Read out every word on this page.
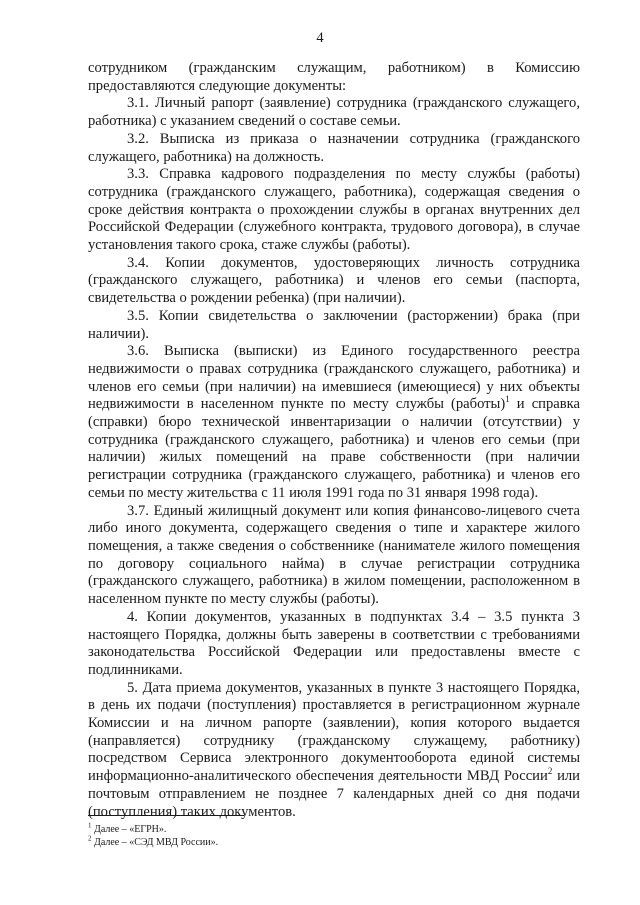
4

сотрудником (гражданским служащим, работником) в Комиссию предоставляются следующие документы:

3.1. Личный рапорт (заявление) сотрудника (гражданского служащего, работника) с указанием сведений о составе семьи.

3.2. Выписка из приказа о назначении сотрудника (гражданского служащего, работника) на должность.

3.3. Справка кадрового подразделения по месту службы (работы) сотрудника (гражданского служащего, работника), содержащая сведения о сроке действия контракта о прохождении службы в органах внутренних дел Российской Федерации (служебного контракта, трудового договора), в случае установления такого срока, стаже службы (работы).

3.4. Копии документов, удостоверяющих личность сотрудника (гражданского служащего, работника) и членов его семьи (паспорта, свидетельства о рождении ребенка) (при наличии).

3.5. Копии свидетельства о заключении (расторжении) брака (при наличии).

3.6. Выписка (выписки) из Единого государственного реестра недвижимости о правах сотрудника (гражданского служащего, работника) и членов его семьи (при наличии) на имевшиеся (имеющиеся) у них объекты недвижимости в населенном пункте по месту службы (работы)$^1$ и справка (справки) бюро технической инвентаризации о наличии (отсутствии) у сотрудника (гражданского служащего, работника) и членов его семьи (при наличии) жилых помещений на праве собственности (при наличии регистрации сотрудника (гражданского служащего, работника) и членов его семьи по месту жительства с 11 июля 1991 года по 31 января 1998 года).

3.7. Единый жилищный документ или копия финансово-лицевого счета либо иного документа, содержащего сведения о типе и характере жилого помещения, а также сведения о собственнике (нанимателе жилого помещения по договору социального найма) в случае регистрации сотрудника (гражданского служащего, работника) в жилом помещении, расположенном в населенном пункте по месту службы (работы).

4. Копии документов, указанных в подпунктах 3.4 – 3.5 пункта 3 настоящего Порядка, должны быть заверены в соответствии с требованиями законодательства Российской Федерации или предоставлены вместе с подлинниками.

5. Дата приема документов, указанных в пункте 3 настоящего Порядка, в день их подачи (поступления) проставляется в регистрационном журнале Комиссии и на личном рапорте (заявлении), копия которого выдается (направляется) сотруднику (гражданскому служащему, работнику) посредством Сервиса электронного документооборота единой системы информационно-аналитического обеспечения деятельности МВД России$^2$ или почтовым отправлением не позднее 7 календарных дней со дня подачи (поступления) таких документов.

$^1$ Далее – «ЕГРН».

$^2$ Далее – «СЭД МВД России».
